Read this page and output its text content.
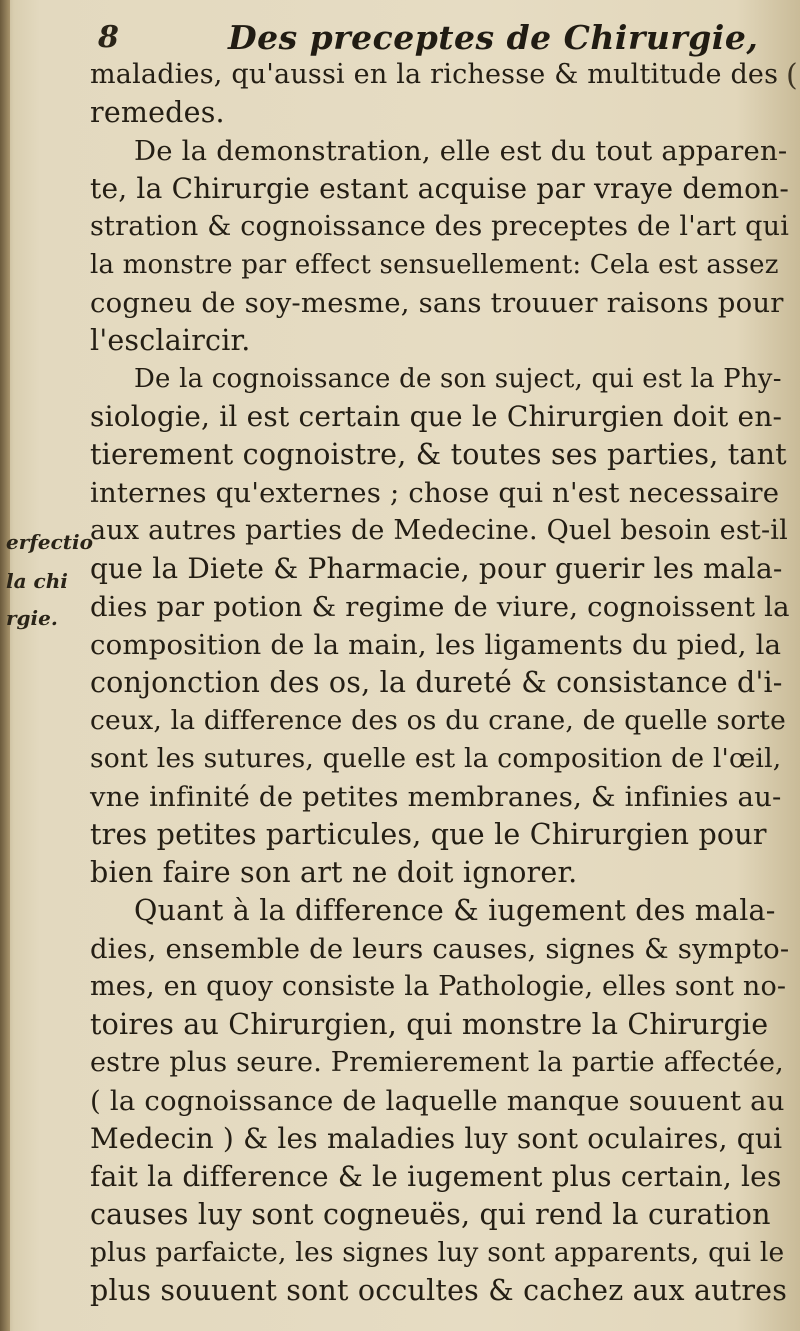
(
8	Des preceptes de Chirurgie,
erfectio
la chi
rgie.
maladies, qu'aussi en la richesse & multitude des
remedes.
De la demonstration, elle est du tout apparen-
te, la Chirurgie estant acquise par vraye demon-
stration & cognoissance des preceptes de l'art qui
la monstre par effect sensuellement: Cela est assez
cogneu de soy-mesme, sans trouuer raisons pour
l'esclaircir.
De la cognoissance de son suject, qui est la Phy-
siologie, il est certain que le Chirurgien doit en-
tierement cognoistre, & toutes ses parties, tant
internes qu'externes ; chose qui n'est necessaire
aux autres parties de Medecine. Quel besoin est-il
que la Diete & Pharmacie, pour guerir les mala-
dies par potion & regime de viure, cognoissent la
composition de la main, les ligaments du pied, la
conjonction des os, la dureté & consistance d'i-
ceux, la difference des os du crane, de quelle sorte
sont les sutures, quelle est la composition de l'œil,
vne infinité de petites membranes, & infinies au-
tres petites particules, que le Chirurgien pour
bien faire son art ne doit ignorer.
Quant à la difference & iugement des mala-
dies, ensemble de leurs causes, signes & sympto-
mes, en quoy consiste la Pathologie, elles sont no-
toires au Chirurgien, qui monstre la Chirurgie
estre plus seure. Premierement la partie affectée,
( la cognoissance de laquelle manque souuent au
Medecin ) & les maladies luy sont oculaires, qui
fait la difference & le iugement plus certain, les
causes luy sont cogneuës, qui rend la curation
plus parfaicte, les signes luy sont apparents, qui le
plus souuent sont occultes & cachez aux autres
